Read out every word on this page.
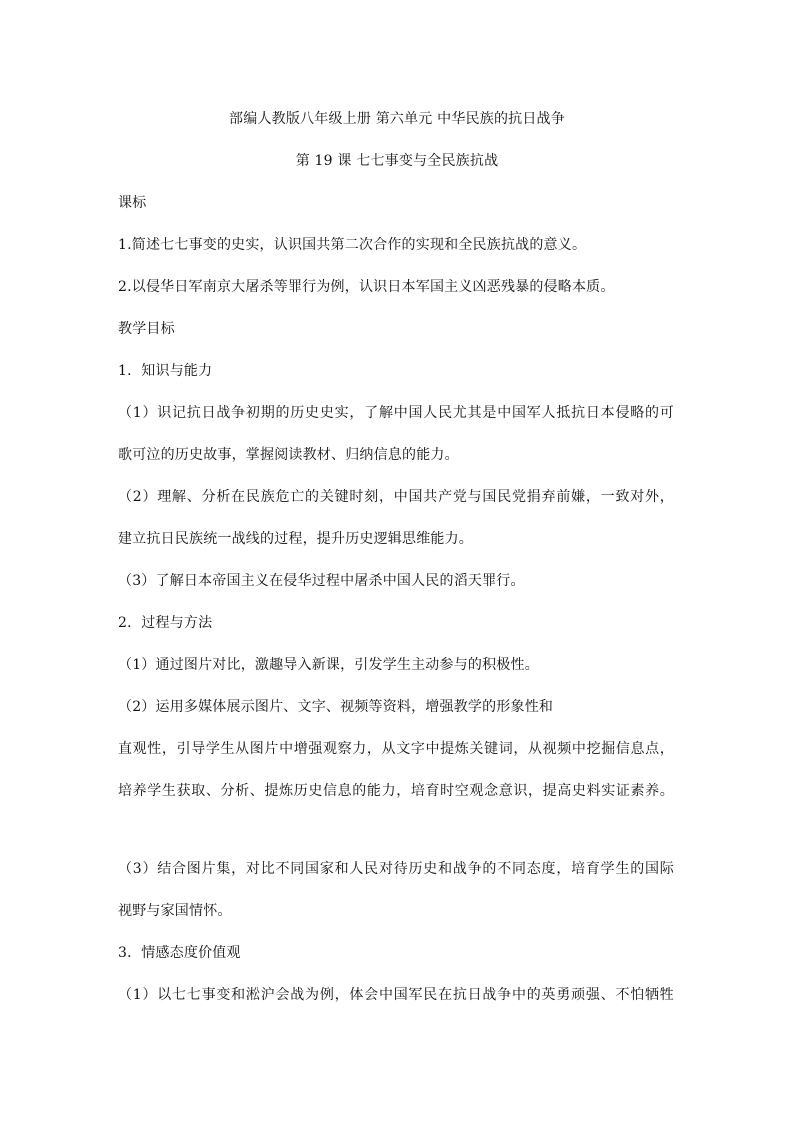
部编人教版八年级上册 第六单元 中华民族的抗日战争
第 19 课 七七事变与全民族抗战
课标
1.简述七七事变的史实，认识国共第二次合作的实现和全民族抗战的意义。
2.以侵华日军南京大屠杀等罪行为例，认识日本军国主义凶恶残暴的侵略本质。
教学目标
1．知识与能力
（1）识记抗日战争初期的历史史实，了解中国人民尤其是中国军人抵抗日本侵略的可
歌可泣的历史故事，掌握阅读教材、归纳信息的能力。
（2）理解、分析在民族危亡的关键时刻，中国共产党与国民党捐弃前嫌，一致对外，
建立抗日民族统一战线的过程，提升历史逻辑思维能力。
（3）了解日本帝国主义在侵华过程中屠杀中国人民的滔天罪行。
2．过程与方法
（1）通过图片对比，激趣导入新课，引发学生主动参与的积极性。
（2）运用多媒体展示图片、文字、视频等资料，增强教学的形象性和
直观性，引导学生从图片中增强观察力，从文字中提炼关键词，从视频中挖掘信息点，
培养学生获取、分析、提炼历史信息的能力，培育时空观念意识，提高史料实证素养。
（3）结合图片集，对比不同国家和人民对待历史和战争的不同态度，培育学生的国际
视野与家国情怀。
3．情感态度价值观
（1）以七七事变和淞沪会战为例，体会中国军民在抗日战争中的英勇顽强、不怕牺牲
